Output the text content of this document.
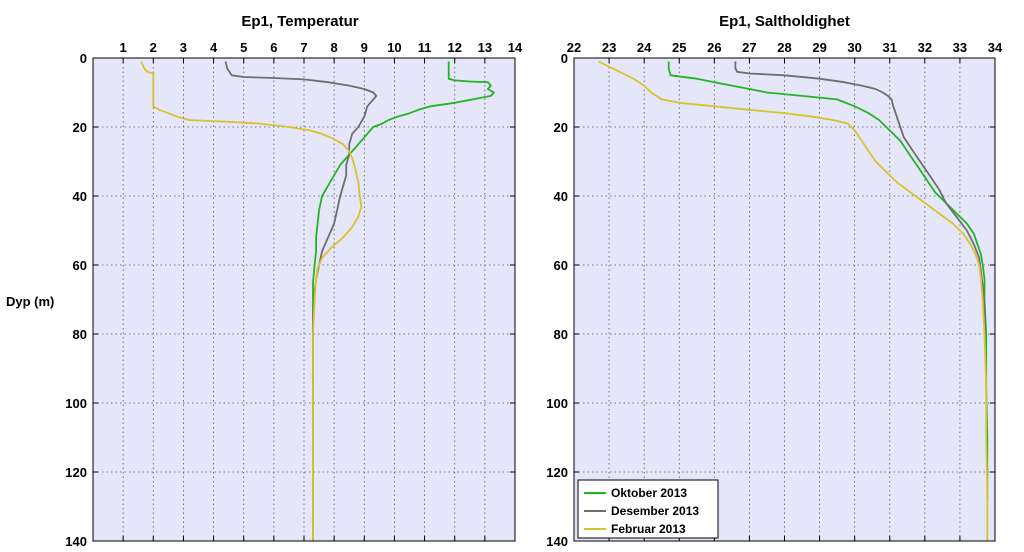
Dyp (m)
1 2 3 4 5 6 7 8 9 10 11 12 13 14
0
20
40
60
80
100
120
140
Ep1, Temperatur
22 23 24 25 26 27 28 29 30 31 32 33 34
0
20
40
60
80
100
120
140
Ep1, Saltholdighet
Oktober 2013
Desember 2013
Februar 2013
